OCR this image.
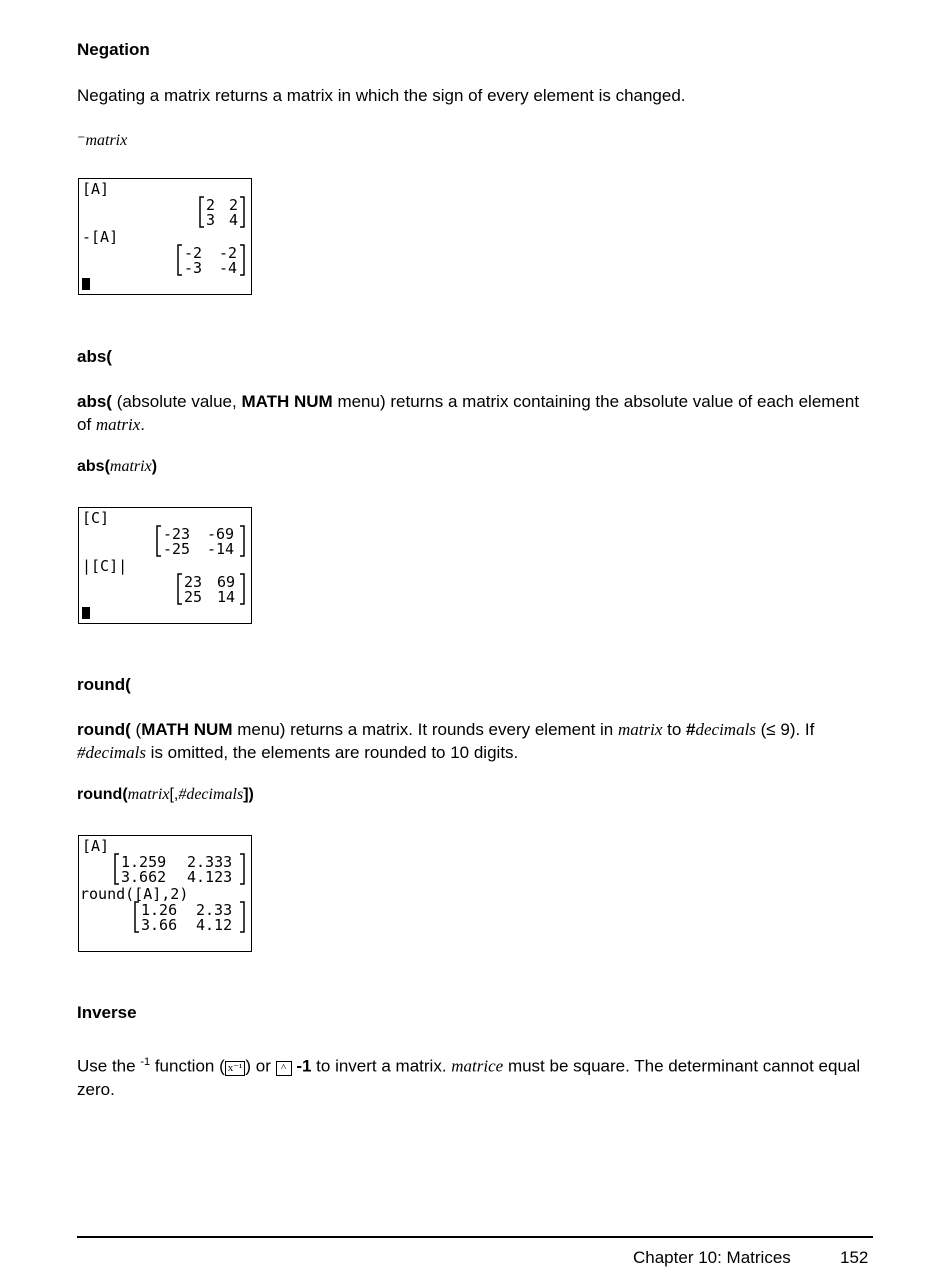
Negation

Negating a matrix returns a matrix in which the sign of every element is changed.

⁻matrix

[A]
2 2
3 4
-[A]
-2 -2
-3 -4
abs(

abs( (absolute value, MATH NUM menu) returns a matrix containing the absolute value of each element of matrix.

abs(matrix)

[C]
-23 -69
-25 -14
|[C]|
23 69
25 14
round(

round( (MATH NUM menu) returns a matrix. It rounds every element in matrix to #decimals (≤ 9). If #decimals is omitted, the elements are rounded to 10 digits.

round(matrix[,#decimals])

[A]
1.259 2.333
3.662 4.123
round([A],2)
1.26 2.33
3.66 4.12
Inverse

Use the $^{-1}$ function ( x⁻¹ ) or ^ -1 to invert a matrix. matrice must be square. The determinant cannot equal zero.

Chapter 10: Matrices	152
